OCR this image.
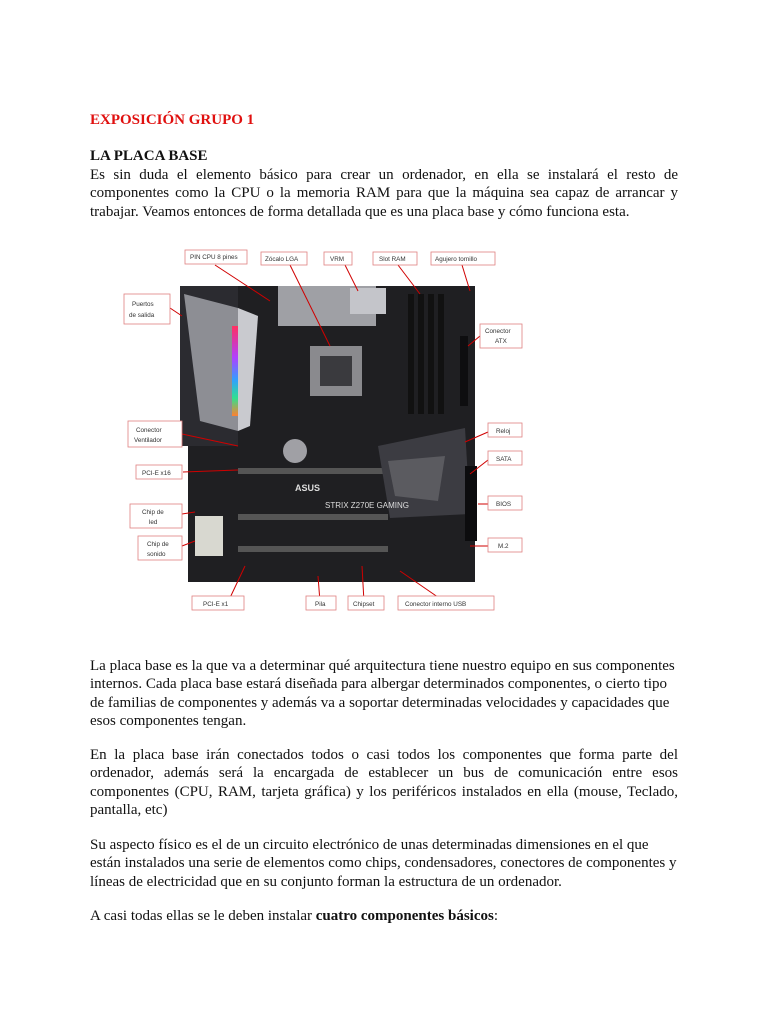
EXPOSICIÓN GRUPO 1
LA PLACA BASE
Es sin duda el elemento básico para crear un ordenador, en ella se instalará el resto de componentes como la CPU o la memoria RAM para que la máquina sea capaz de arrancar y trabajar. Veamos entonces de forma detallada que es una placa base y cómo funciona esta.
STRIX Z270E GAMING
ASUS
PIN CPU 8 pines	Zócalo LGA	VRM	Slot RAM	Agujero tornillo
Puertos
de salida
Conector
ATX
Conector
Ventilador
Reloj
SATA
PCI-E x16
Chip de
led
BIOS
Chip de
sonido
M.2
PCI-E x1	Pila	Chipset	Conector interno USB
La placa base es la que va a determinar qué arquitectura tiene nuestro equipo en sus componentes internos. Cada placa base estará diseñada para albergar determinados componentes, o cierto tipo de familias de componentes y además va a soportar determinadas velocidades y capacidades que esos componentes tengan.
En la placa base irán conectados todos o casi todos los componentes que forma parte del ordenador, además será la encargada de establecer un bus de comunicación entre esos componentes (CPU, RAM, tarjeta gráfica) y los periféricos instalados en ella (mouse, Teclado, pantalla, etc)
Su aspecto físico es el de un circuito electrónico de unas determinadas dimensiones en el que están instalados una serie de elementos como chips, condensadores, conectores de componentes y líneas de electricidad que en su conjunto forman la estructura de un ordenador.
A casi todas ellas se le deben instalar cuatro componentes básicos:
